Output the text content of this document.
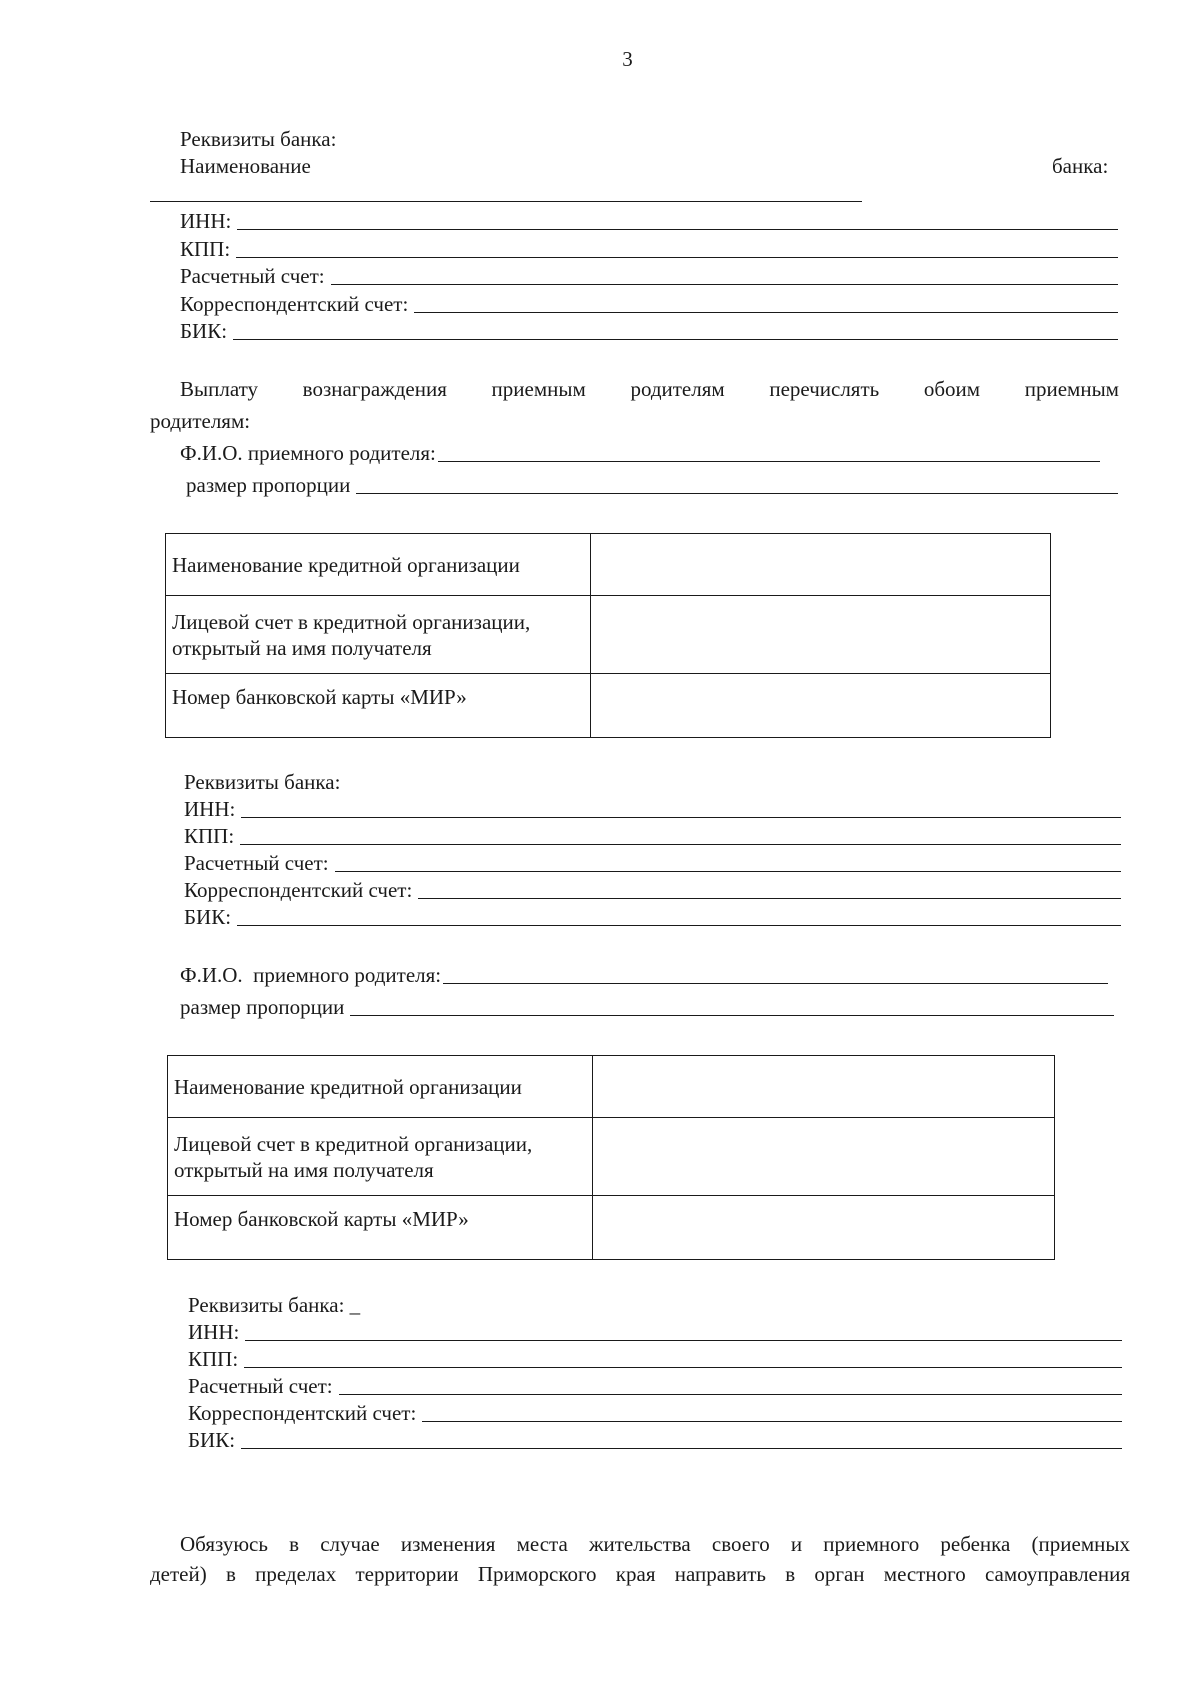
3
Реквизиты банка:
Наименование	банка:
ИНН:
КПП:
Расчетный счет:
Корреспондентский счет:
БИК:
Выплату вознаграждения приемным родителям перечислять обоим приемным
родителям:
Ф.И.О. приемного родителя:
размер пропорции
Наименование кредитной организации	

Лицевой счет в кредитной организации,
открытый на имя получателя	

Номер банковской карты «МИР»	
Реквизиты банка:
ИНН:
КПП:
Расчетный счет:
Корреспондентский счет:
БИК:
Ф.И.О.  приемного родителя:
размер пропорции
Наименование кредитной организации	

Лицевой счет в кредитной организации,
открытый на имя получателя	

Номер банковской карты «МИР»	
Реквизиты банка: _
ИНН:
КПП:
Расчетный счет:
Корреспондентский счет:
БИК:
Обязуюсь в случае изменения места жительства своего и приемного ребенка (приемных
детей) в пределах территории Приморского края направить в орган местного самоуправления
